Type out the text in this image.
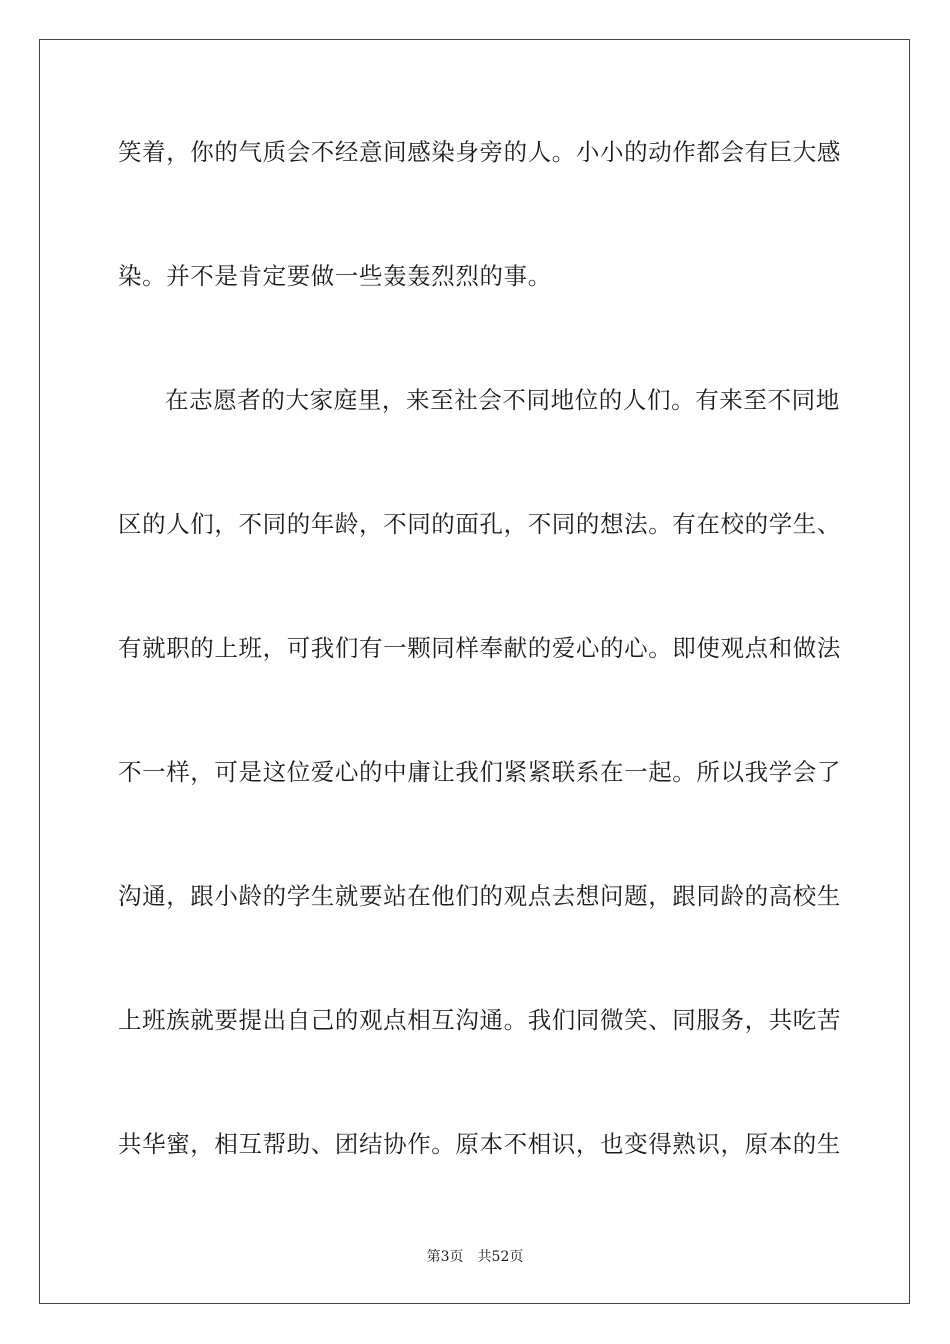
笑着，你的气质会不经意间感染身旁的人。小小的动作都会有巨大感
染。并不是肯定要做一些轰轰烈烈的事。
在志愿者的大家庭里，来至社会不同地位的人们。有来至不同地
区的人们，不同的年龄，不同的面孔，不同的想法。有在校的学生、
有就职的上班，可我们有一颗同样奉献的爱心的心。即使观点和做法
不一样，可是这位爱心的中庸让我们紧紧联系在一起。所以我学会了
沟通，跟小龄的学生就要站在他们的观点去想问题，跟同龄的高校生
上班族就要提出自己的观点相互沟通。我们同微笑、同服务，共吃苦
共华蜜，相互帮助、团结协作。原本不相识，也变得熟识，原本的生
第3页 共52页
